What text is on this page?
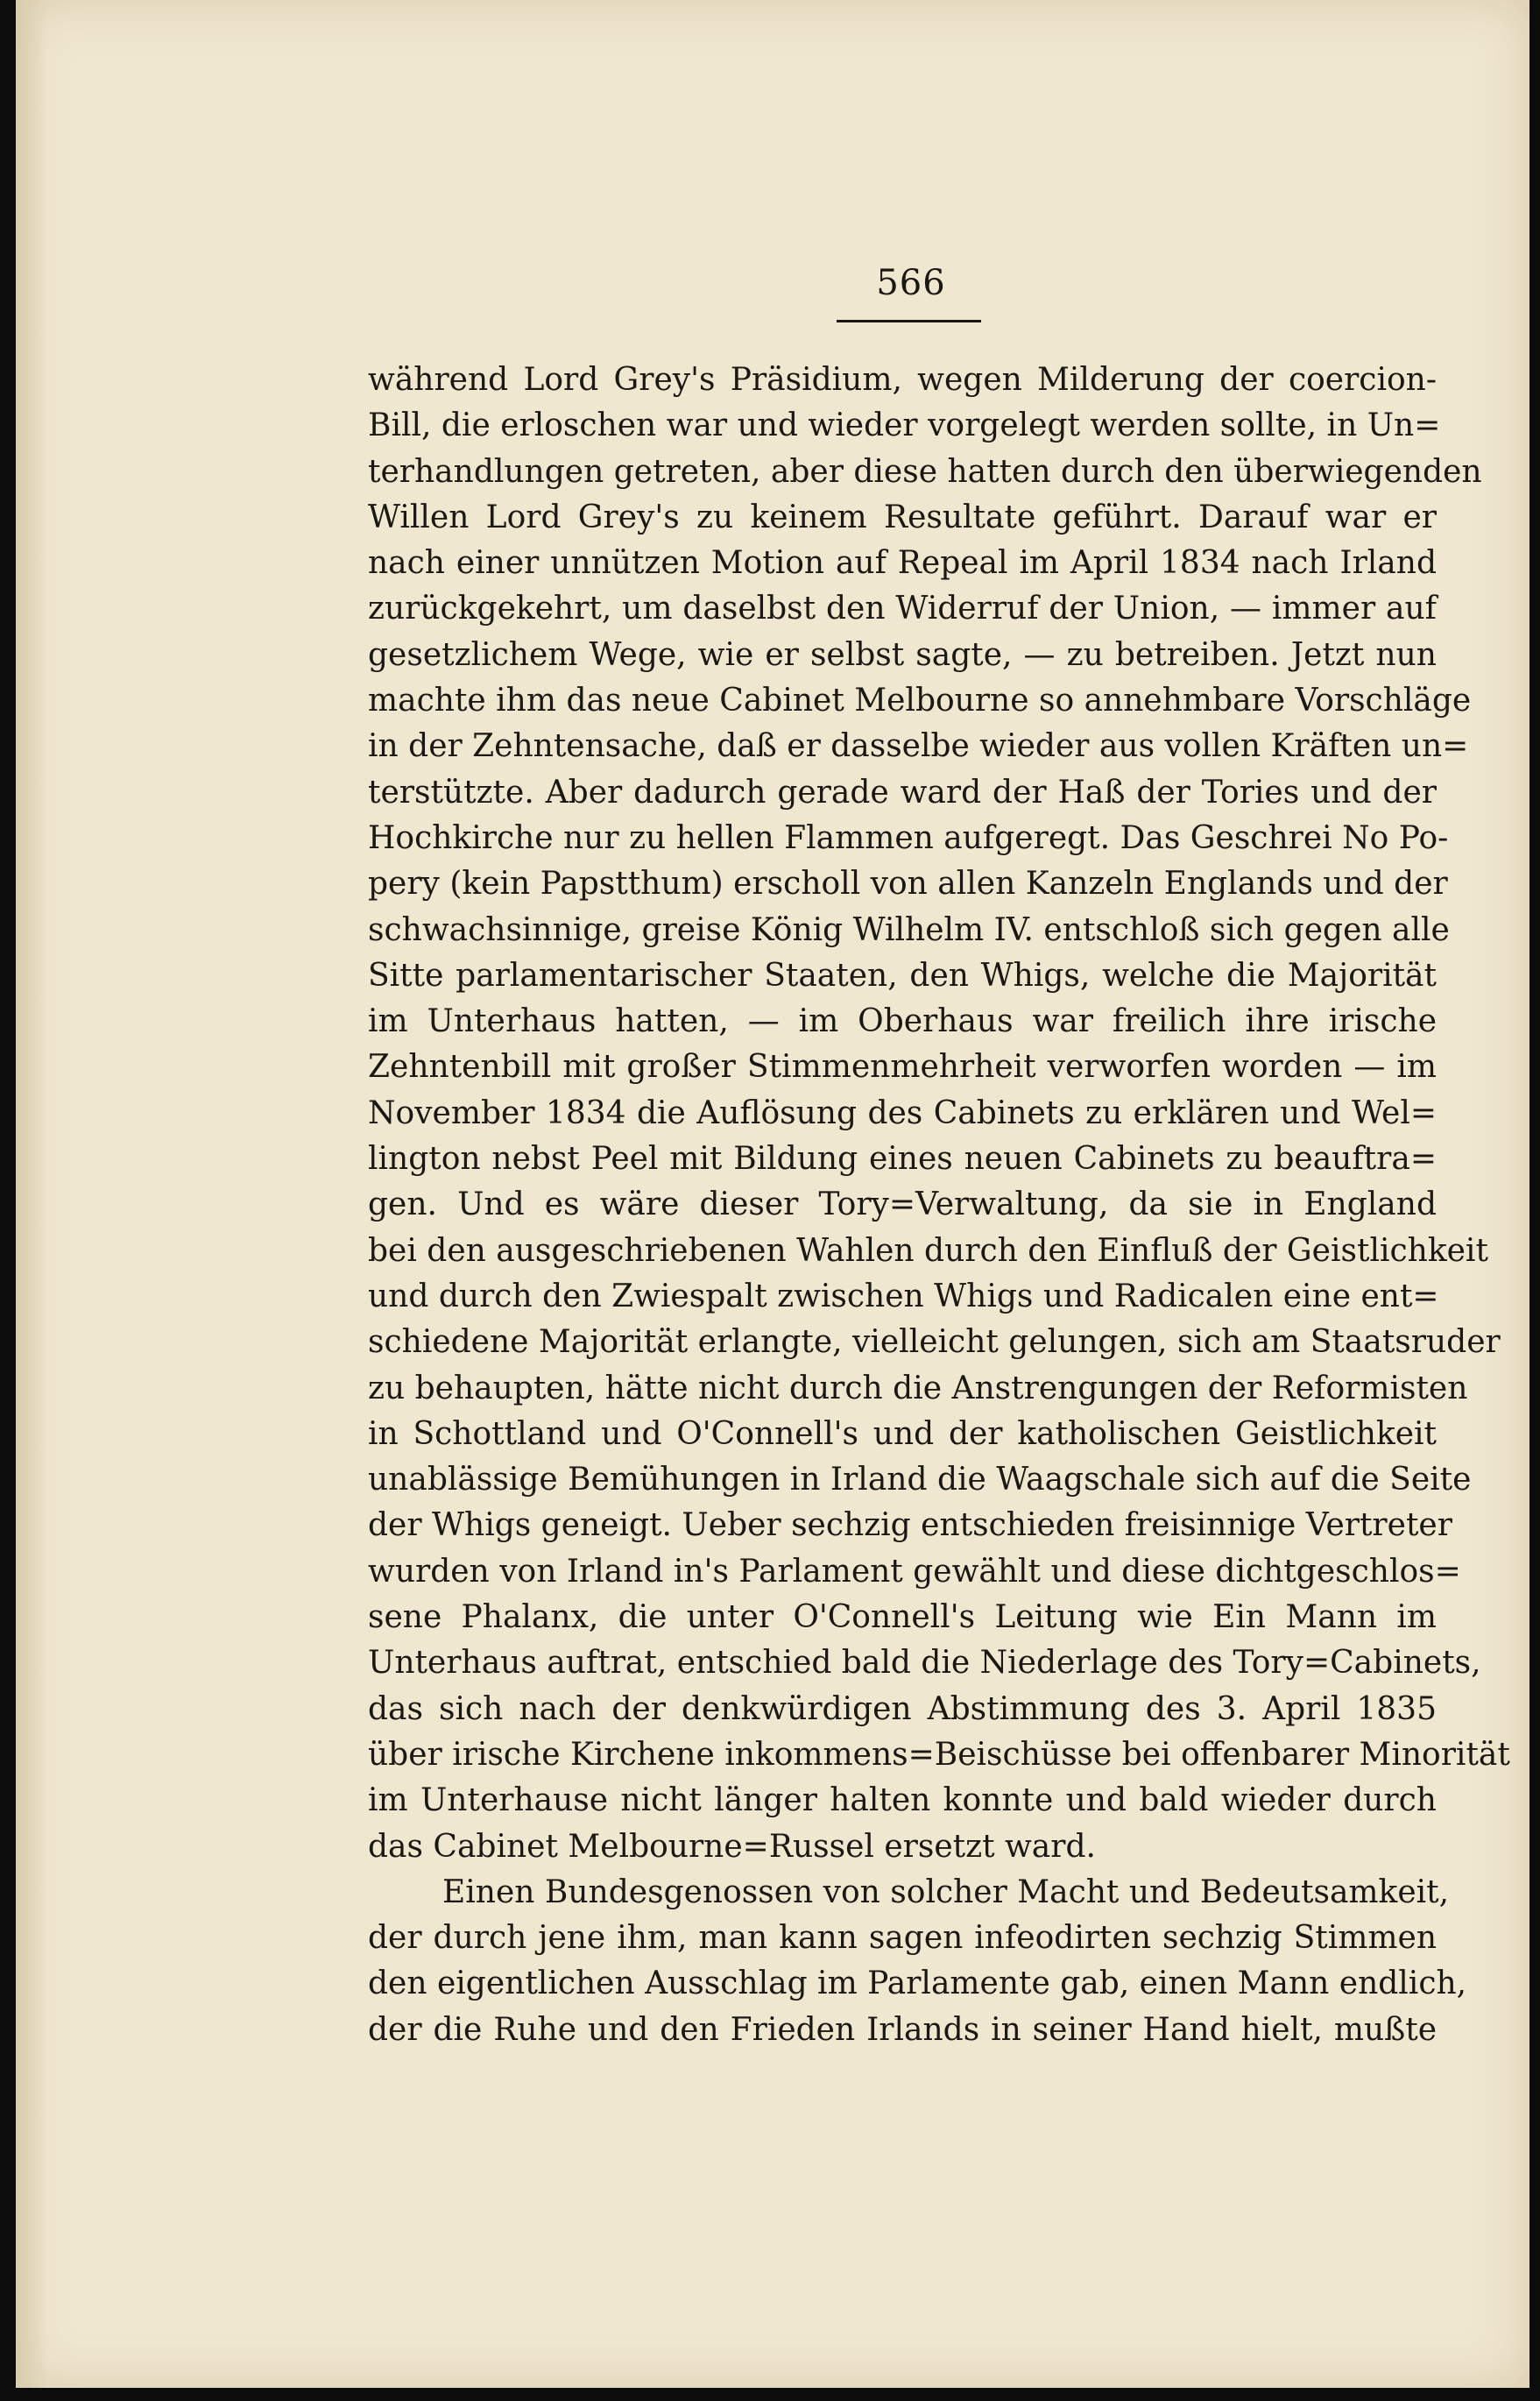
566
während Lord Grey's Präsidium, wegen Milderung der coercion-
Bill, die erloschen war und wieder vorgelegt werden sollte, in Un=
terhandlungen getreten, aber diese hatten durch den überwiegenden
Willen Lord Grey's zu keinem Resultate geführt. Darauf war er
nach einer unnützen Motion auf Repeal im April 1834 nach Irland
zurückgekehrt, um daselbst den Widerruf der Union, — immer auf
gesetzlichem Wege, wie er selbst sagte, — zu betreiben. Jetzt nun
machte ihm das neue Cabinet Melbourne so annehmbare Vorschläge
in der Zehntensache, daß er dasselbe wieder aus vollen Kräften un=
terstützte. Aber dadurch gerade ward der Haß der Tories und der
Hochkirche nur zu hellen Flammen aufgeregt. Das Geschrei No Po-
pery (kein Papstthum) erscholl von allen Kanzeln Englands und der
schwachsinnige, greise König Wilhelm IV. entschloß sich gegen alle
Sitte parlamentarischer Staaten, den Whigs, welche die Majorität
im Unterhaus hatten, — im Oberhaus war freilich ihre irische
Zehntenbill mit großer Stimmenmehrheit verworfen worden — im
November 1834 die Auflösung des Cabinets zu erklären und Wel=
lington nebst Peel mit Bildung eines neuen Cabinets zu beauftra=
gen. Und es wäre dieser Tory=Verwaltung, da sie in England
bei den ausgeschriebenen Wahlen durch den Einfluß der Geistlichkeit
und durch den Zwiespalt zwischen Whigs und Radicalen eine ent=
schiedene Majorität erlangte, vielleicht gelungen, sich am Staatsruder
zu behaupten, hätte nicht durch die Anstrengungen der Reformisten
in Schottland und O'Connell's und der katholischen Geistlichkeit
unablässige Bemühungen in Irland die Waagschale sich auf die Seite
der Whigs geneigt. Ueber sechzig entschieden freisinnige Vertreter
wurden von Irland in's Parlament gewählt und diese dichtgeschlos=
sene Phalanx, die unter O'Connell's Leitung wie Ein Mann im
Unterhaus auftrat, entschied bald die Niederlage des Tory=Cabinets,
das sich nach der denkwürdigen Abstimmung des 3. April 1835
über irische Kirchene inkommens=Beischüsse bei offenbarer Minorität
im Unterhause nicht länger halten konnte und bald wieder durch
das Cabinet Melbourne=Russel ersetzt ward.
Einen Bundesgenossen von solcher Macht und Bedeutsamkeit,
der durch jene ihm, man kann sagen infeodirten sechzig Stimmen
den eigentlichen Ausschlag im Parlamente gab, einen Mann endlich,
der die Ruhe und den Frieden Irlands in seiner Hand hielt, mußte
